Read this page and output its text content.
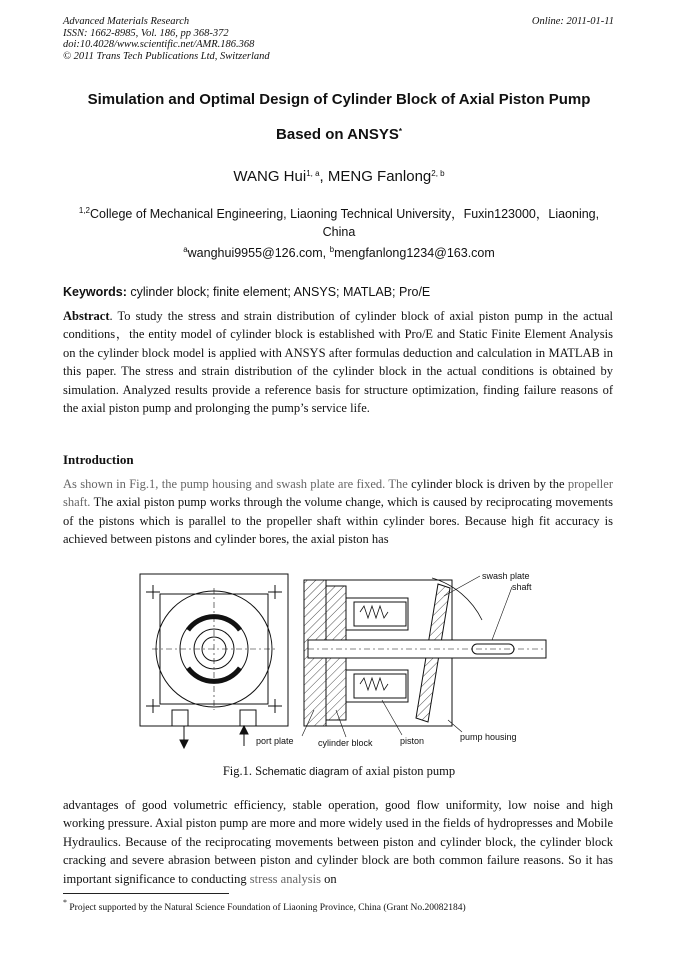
Advanced Materials Research
ISSN: 1662-8985, Vol. 186, pp 368-372
doi:10.4028/www.scientific.net/AMR.186.368
© 2011 Trans Tech Publications Ltd, Switzerland
Online: 2011-01-11
Simulation and Optimal Design of Cylinder Block of Axial Piston Pump
Based on ANSYS*
WANG Hui$^{1, a}$, MENG Fanlong$^{2, b}$
$^{1,2}$College of Mechanical Engineering, Liaoning Technical University，Fuxin123000，Liaoning, China
$^a$wanghui9955@126.com, $^b$mengfanlong1234@163.com
Keywords: cylinder block; finite element; ANSYS; MATLAB; Pro/E
Abstract. To study the stress and strain distribution of cylinder block of axial piston pump in the actual conditions，the entity model of cylinder block is established with Pro/E and Static Finite Element Analysis on the cylinder block model is applied with ANSYS after formulas deduction and calculation in MATLAB in this paper. The stress and strain distribution of the cylinder block in the actual conditions is obtained by simulation. Analyzed results provide a reference basis for structure optimization, finding failure reasons of the axial piston pump and prolonging the pump’s service life.
Introduction
As shown in Fig.1, the pump housing and swash plate are fixed. The cylinder block is driven by the propeller shaft. The axial piston pump works through the volume change, which is caused by reciprocating movements of the pistons which is parallel to the propeller shaft within cylinder bores. Because high fit accuracy is achieved between pistons and cylinder bores, the axial piston has
swash plate
shaft
port plate	cylinder block	piston	pump housing
Fig.1. Schematic diagram of axial piston pump
advantages of good volumetric efficiency, stable operation, good flow uniformity, low noise and high working pressure. Axial piston pump are more and more widely used in the fields of hydropresses and Mobile Hydraulics. Because of the reciprocating movements between piston and cylinder block, the cylinder block cracking and severe abrasion between piston and cylinder block are both common failure reasons. So it has important significance to conducting stress analysis on
* Project supported by the Natural Science Foundation of Liaoning Province, China (Grant No.20082184)
